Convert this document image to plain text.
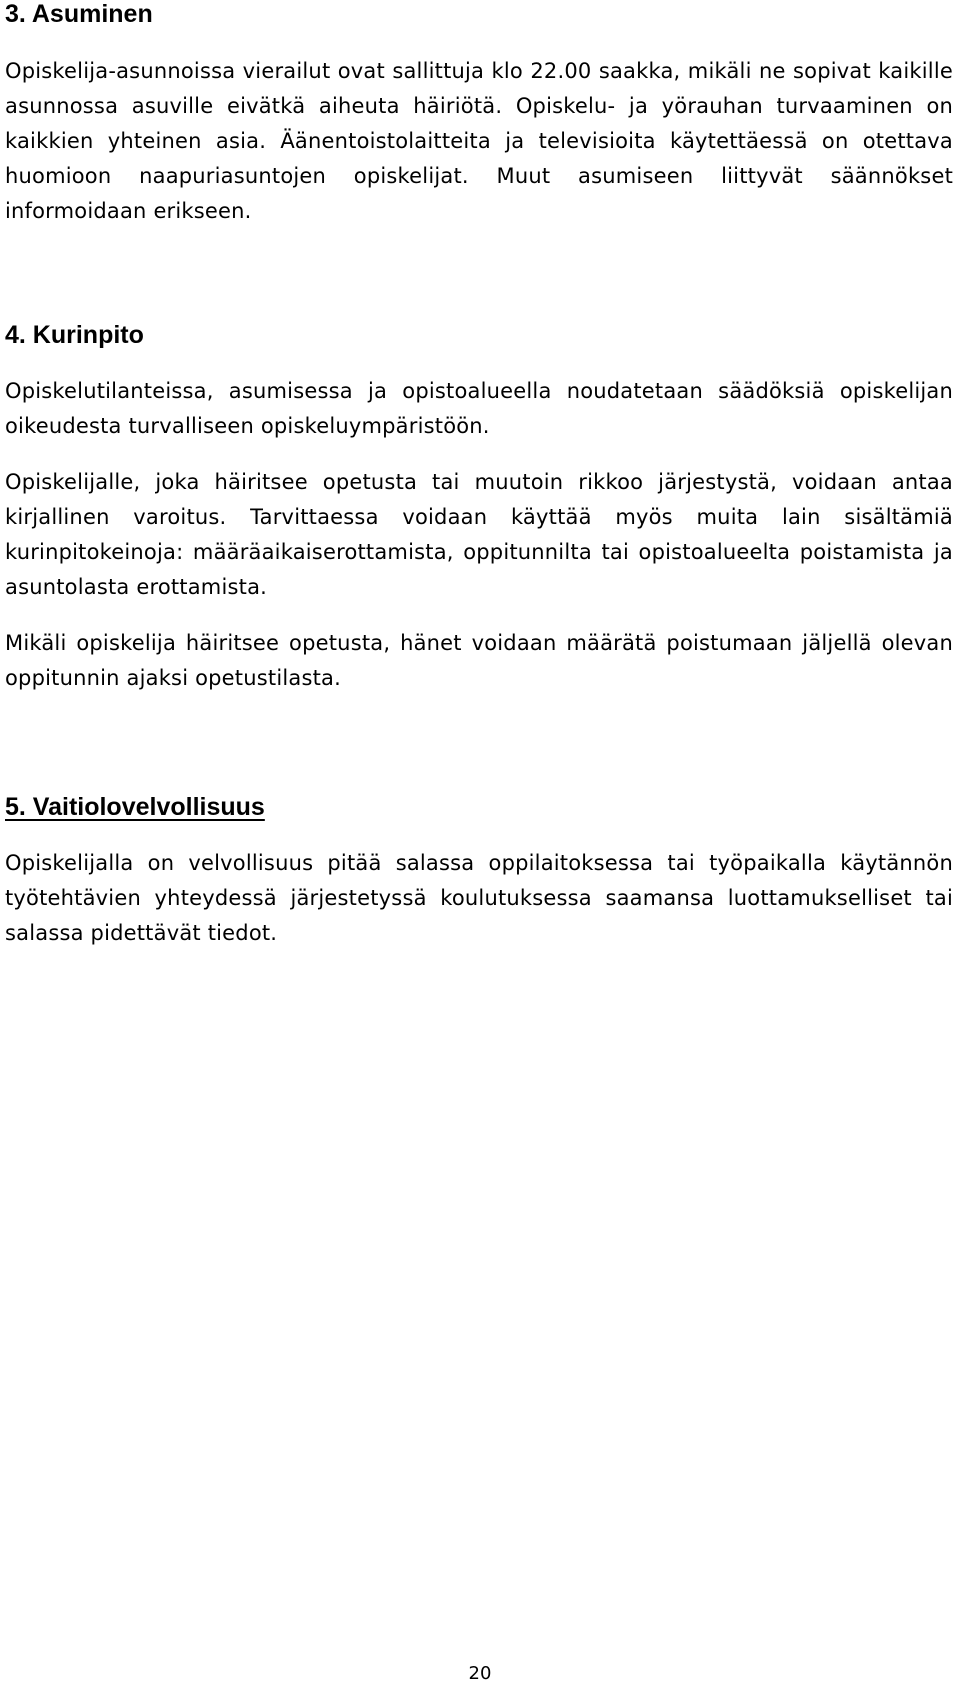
3. Asuminen

Opiskelija-asunnoissa vierailut ovat sallittuja klo 22.00 saakka, mikäli ne sopivat kaikille asunnossa asuville eivätkä aiheuta häiriötä. Opiskelu- ja yörauhan turvaaminen on kaikkien yhteinen asia. Äänentoistolaitteita ja televisioita käytettäessä on otettava huomioon naapuriasuntojen opiskelijat. Muut asumiseen liittyvät säännökset informoidaan erikseen.

4. Kurinpito

Opiskelutilanteissa, asumisessa ja opistoalueella noudatetaan säädöksiä opiskelijan oikeudesta turvalliseen opiskeluympäristöön.

Opiskelijalle, joka häiritsee opetusta tai muutoin rikkoo järjestystä, voidaan antaa kirjallinen varoitus. Tarvittaessa voidaan käyttää myös muita lain sisältämiä kurinpitokeinoja: määräaikaiserottamista, oppitunnilta tai opistoalueelta poistamista ja asuntolasta erottamista.

Mikäli opiskelija häiritsee opetusta, hänet voidaan määrätä poistumaan jäljellä olevan oppitunnin ajaksi opetustilasta.

5. Vaitiolovelvollisuus

Opiskelijalla on velvollisuus pitää salassa oppilaitoksessa tai työpaikalla käytännön työtehtävien yhteydessä järjestetyssä koulutuksessa saamansa luottamukselliset tai salassa pidettävät tiedot.

20
